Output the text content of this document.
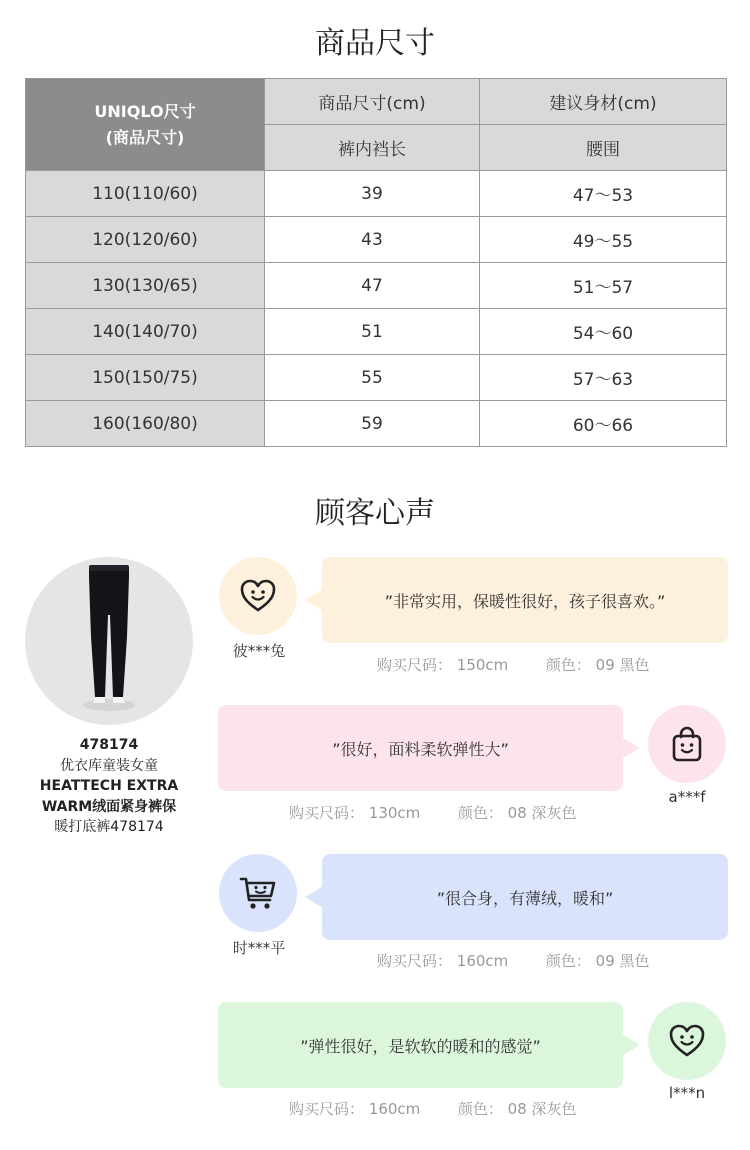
商品尺寸
UNIQLO尺寸
(商品尺寸)	商品尺寸(cm)	建议身材(cm)
	裤内裆长	腰围
110(110/60)	39	47～53
120(120/60)	43	49～55
130(130/65)	47	51～57
140(140/70)	51	54～60
150(150/75)	55	57～63
160(160/80)	59	60～66
顾客心声
478174
优衣库童装女童
HEATTECH EXTRA
WARM绒面紧身裤保
暖打底裤478174
彼***兔
”非常实用，保暖性很好，孩子很喜欢。”
购买尺码： 150cm	颜色： 09 黑色
”很好，面料柔软弹性大”
a***f
购买尺码： 130cm	颜色： 08 深灰色
时***平
”很合身，有薄绒，暖和”
购买尺码： 160cm	颜色： 09 黑色
”弹性很好，是软软的暖和的感觉”
l***n
购买尺码： 160cm	颜色： 08 深灰色
